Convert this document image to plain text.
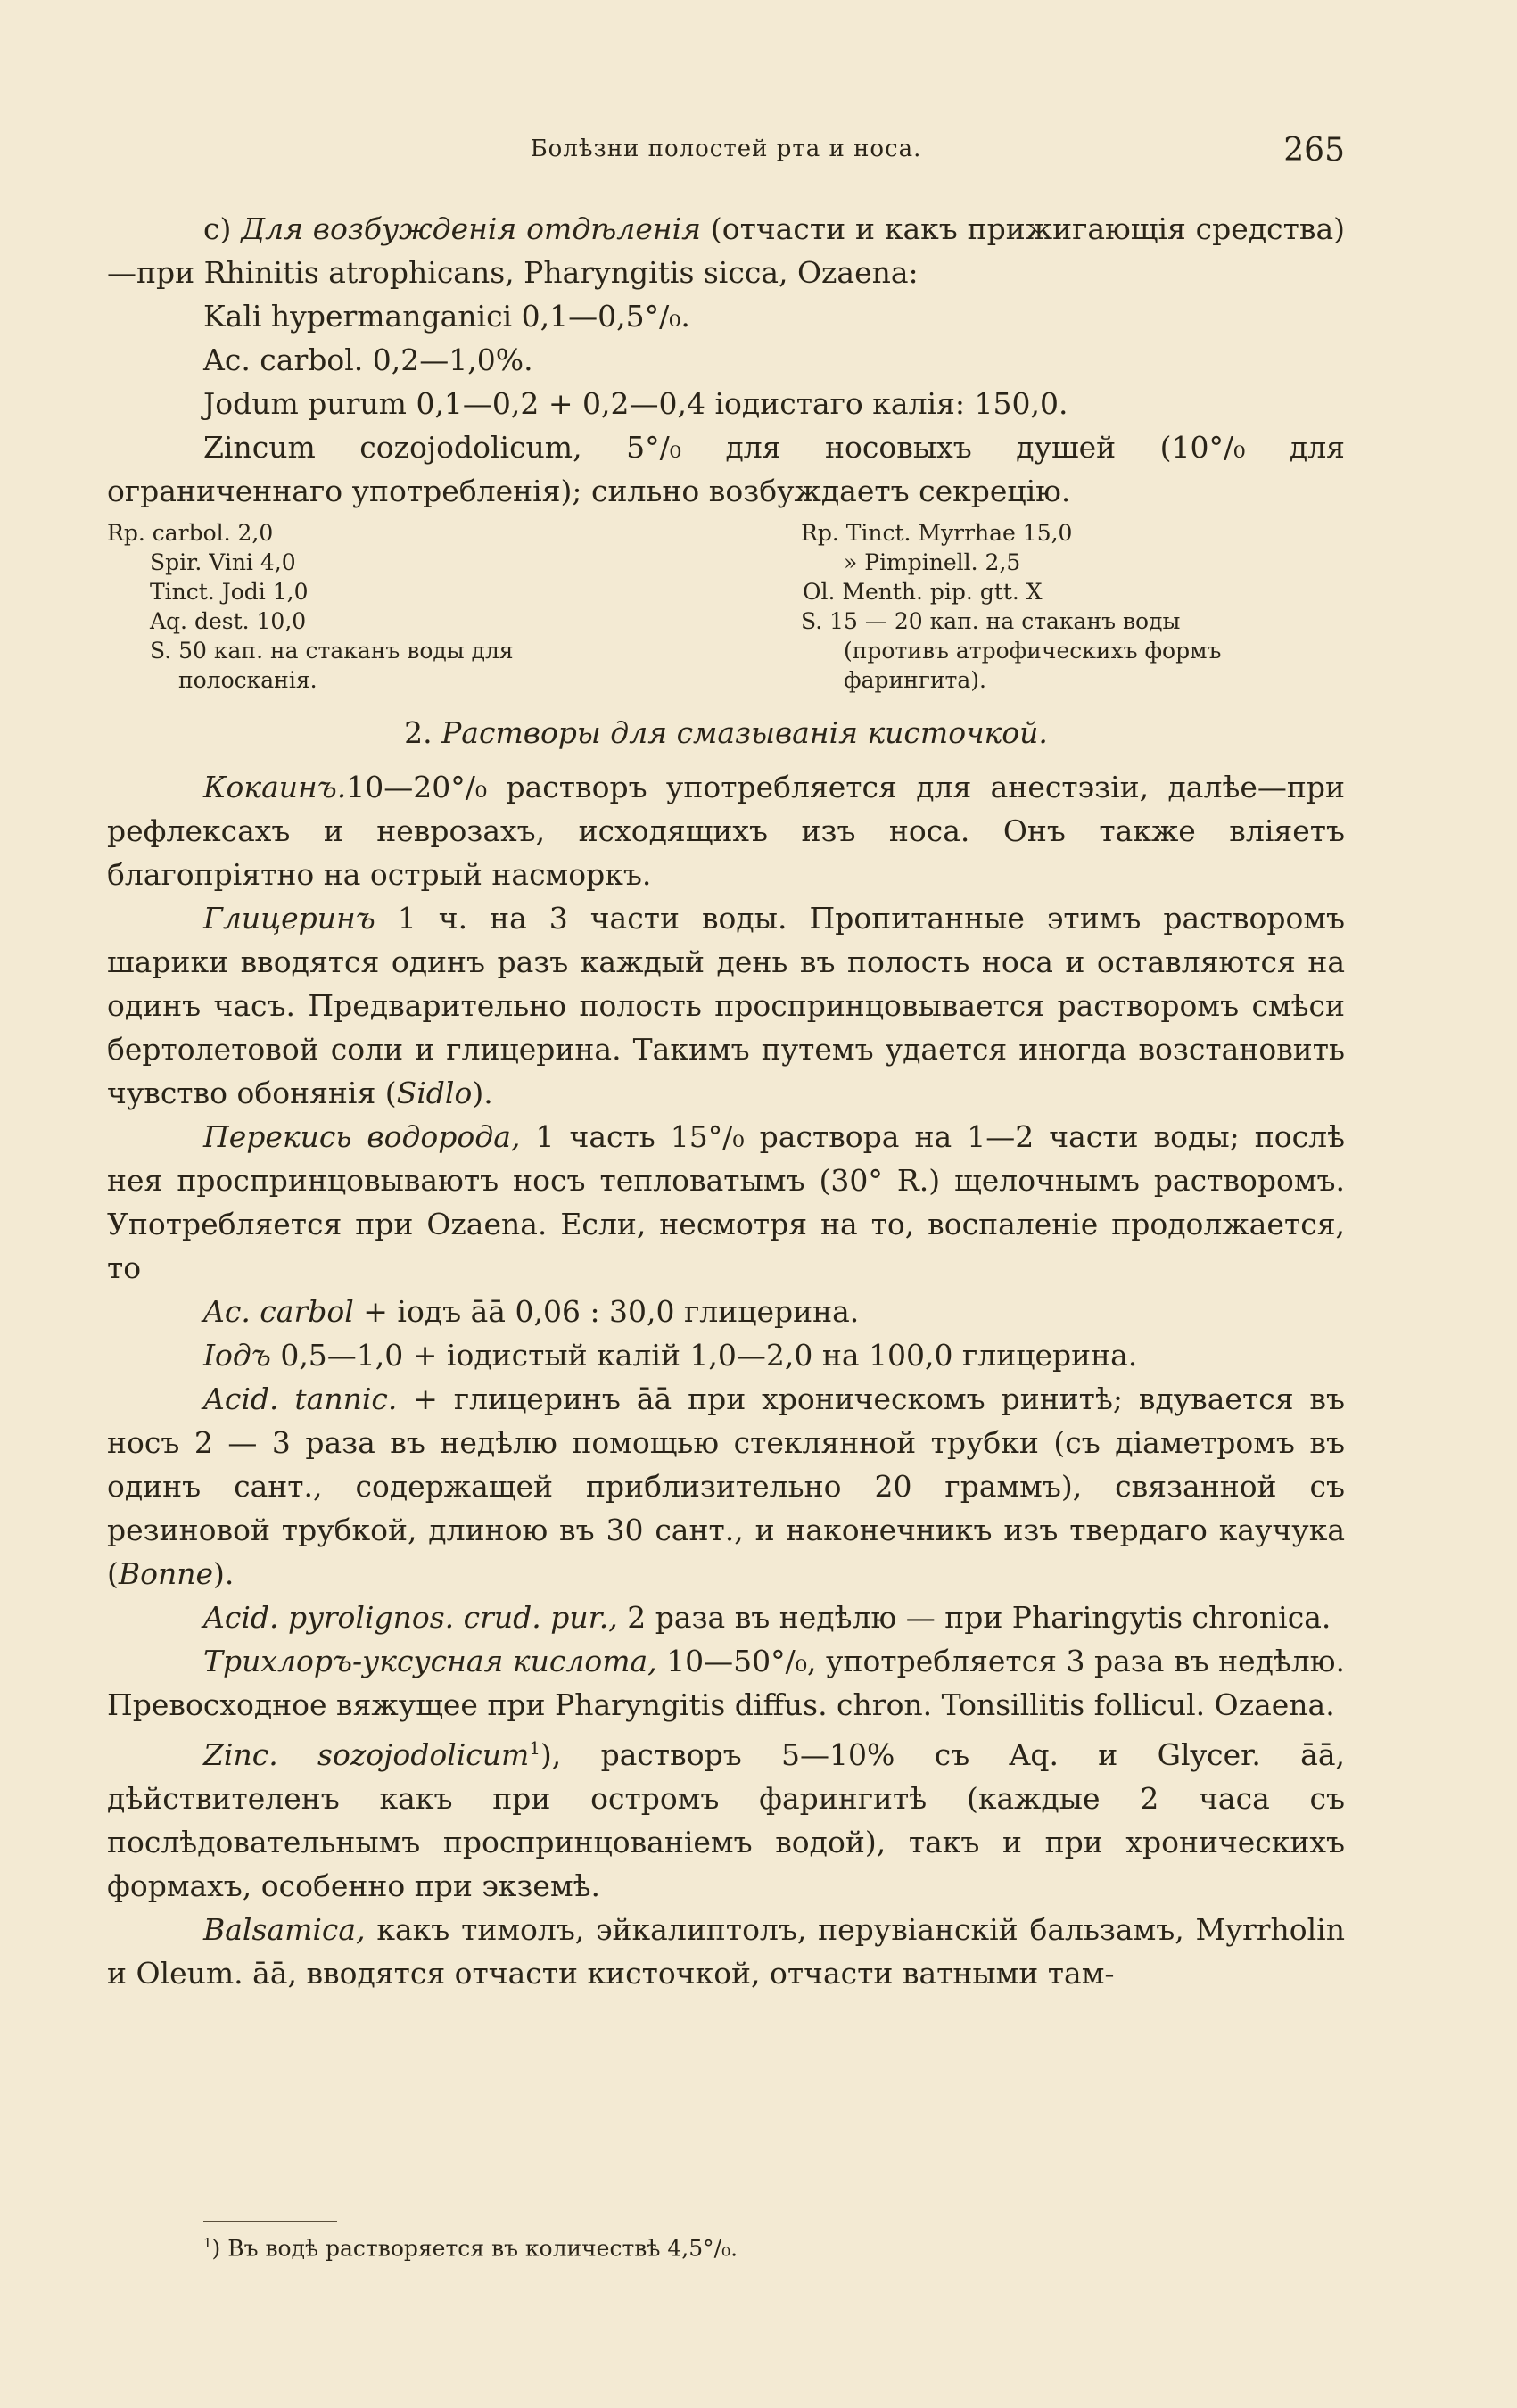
Болѣзни полостей рта и носа.	265

c) Для возбужденія отдѣленія (отчасти и какъ прижигающія средства)—при Rhinitis atrophicans, Pharyngitis sicca, Ozaena:

Kali hypermanganici 0,1—0,5°/₀.

Ac. carbol. 0,2—1,0%.

Jodum purum 0,1—0,2 + 0,2—0,4 іодистаго калія: 150,0.

Zincum cozojodolicum, 5°/₀ для носовыхъ душей (10°/₀ для ограниченнаго употребленія); сильно возбуждаетъ секрецію.

Rp. carbol. 2,0
Spir. Vini 4,0
Tinct. Jodi 1,0
Aq. dest. 10,0
S. 50 кап. на стаканъ воды для полосканія.
Rp. Tinct. Myrrhae 15,0
» Pimpinell. 2,5
Ol. Menth. pip. gtt. X
S. 15 — 20 кап. на стаканъ воды
(противъ атрофическихъ формъ фарингита).
2. Растворы для смазыванія кисточкой.

Кокаинъ.10—20°/₀ растворъ употребляется для анестэзіи, далѣе—при рефлексахъ и неврозахъ, исходящихъ изъ носа. Онъ также вліяетъ благопріятно на острый насморкъ.

Глицеринъ 1 ч. на 3 части воды. Пропитанные этимъ растворомъ шарики вводятся одинъ разъ каждый день въ полость носа и оставляются на одинъ часъ. Предварительно полость проспринцовывается растворомъ смѣси бертолетовой соли и глицерина. Такимъ путемъ удается иногда возстановить чувство обонянія (Sidlo).

Перекись водорода, 1 часть 15°/₀ раствора на 1—2 части воды; послѣ нея проспринцовываютъ носъ тепловатымъ (30° R.) щелочнымъ растворомъ. Употребляется при Ozaena. Если, несмотря на то, воспаленіе продолжается, то

Ac. carbol + іодъ āā 0,06 : 30,0 глицерина.

Іодъ 0,5—1,0 + іодистый калій 1,0—2,0 на 100,0 глицерина.

Acid. tannic. + глицеринъ āā при хроническомъ ринитѣ; вдувается въ носъ 2 — 3 раза въ недѣлю помощью стеклянной трубки (съ діаметромъ въ одинъ сант., содержащей приблизительно 20 граммъ), связанной съ резиновой трубкой, длиною въ 30 сант., и наконечникъ изъ твердаго каучука (Bonne).

Acid. pyrolignos. crud. pur., 2 раза въ недѣлю — при Pharingytis chronica.

Трихлоръ-уксусная кислота, 10—50°/₀, употребляется 3 раза въ недѣлю. Превосходное вяжущее при Pharyngitis diffus. chron. Tonsillitis follicul. Ozaena.

Zinc. sozojodolicum$^1$), растворъ 5—10% съ Aq. и Glycer. āā, дѣйствителенъ какъ при остромъ фарингитѣ (каждые 2 часа съ послѣдовательнымъ проспринцованіемъ водой), такъ и при хроническихъ формахъ, особенно при экземѣ.

Balsamica, какъ тимолъ, эйкалиптолъ, перувіанскій бальзамъ, Myrrholin и Oleum. āā, вводятся отчасти кисточкой, отчасти ватными там-

$^1$) Въ водѣ растворяется въ количествѣ 4,5°/₀.
